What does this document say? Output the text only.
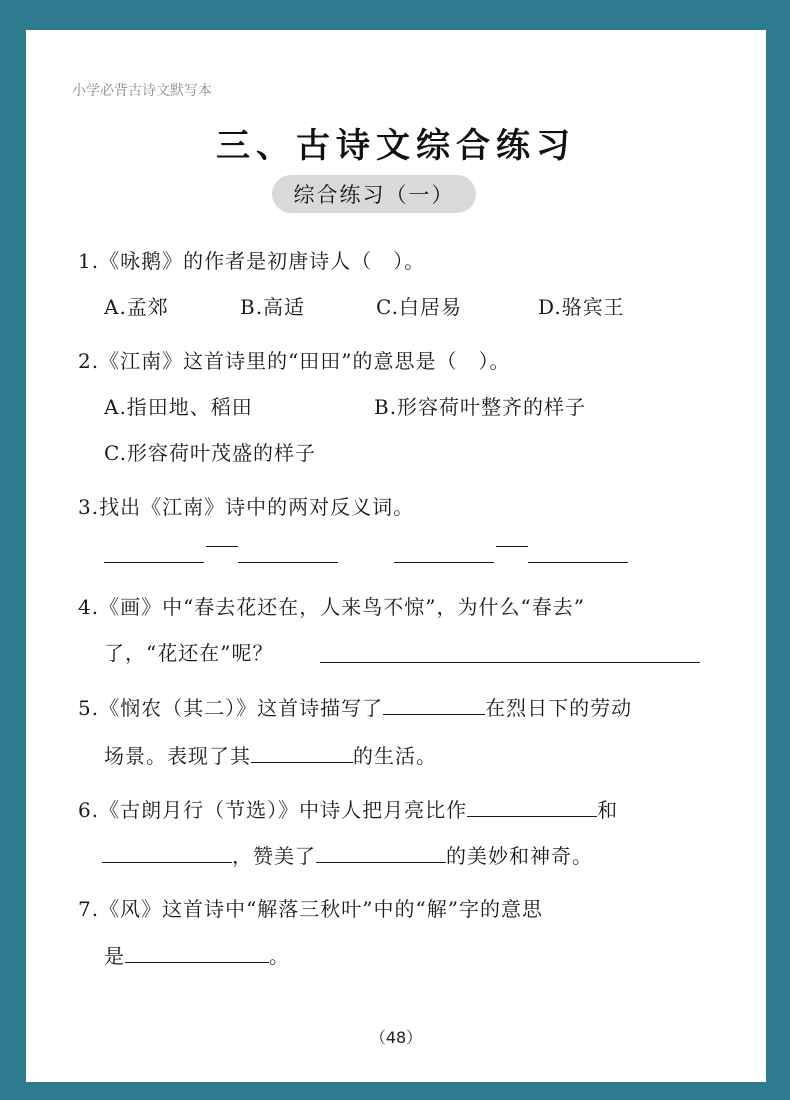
小学必背古诗文默写本
三、古诗文综合练习
综合练习（一）
1.《咏鹅》的作者是初唐诗人（　）。
A.孟郊	B.高适	C.白居易	D.骆宾王
2.《江南》这首诗里的“田田”的意思是（　）。
A.指田地、稻田	B.形容荷叶整齐的样子
C.形容荷叶茂盛的样子
3.找出《江南》诗中的两对反义词。
4.《画》中“春去花还在，人来鸟不惊”，为什么“春去”
了，“花还在”呢？
5.《悯农（其二）》这首诗描写了	在烈日下的劳动
场景。表现了其	的生活。
6.《古朗月行（节选）》中诗人把月亮比作	和
，赞美了	的美妙和神奇。
7.《风》这首诗中“解落三秋叶”中的“解”字的意思
是	。
（48）
